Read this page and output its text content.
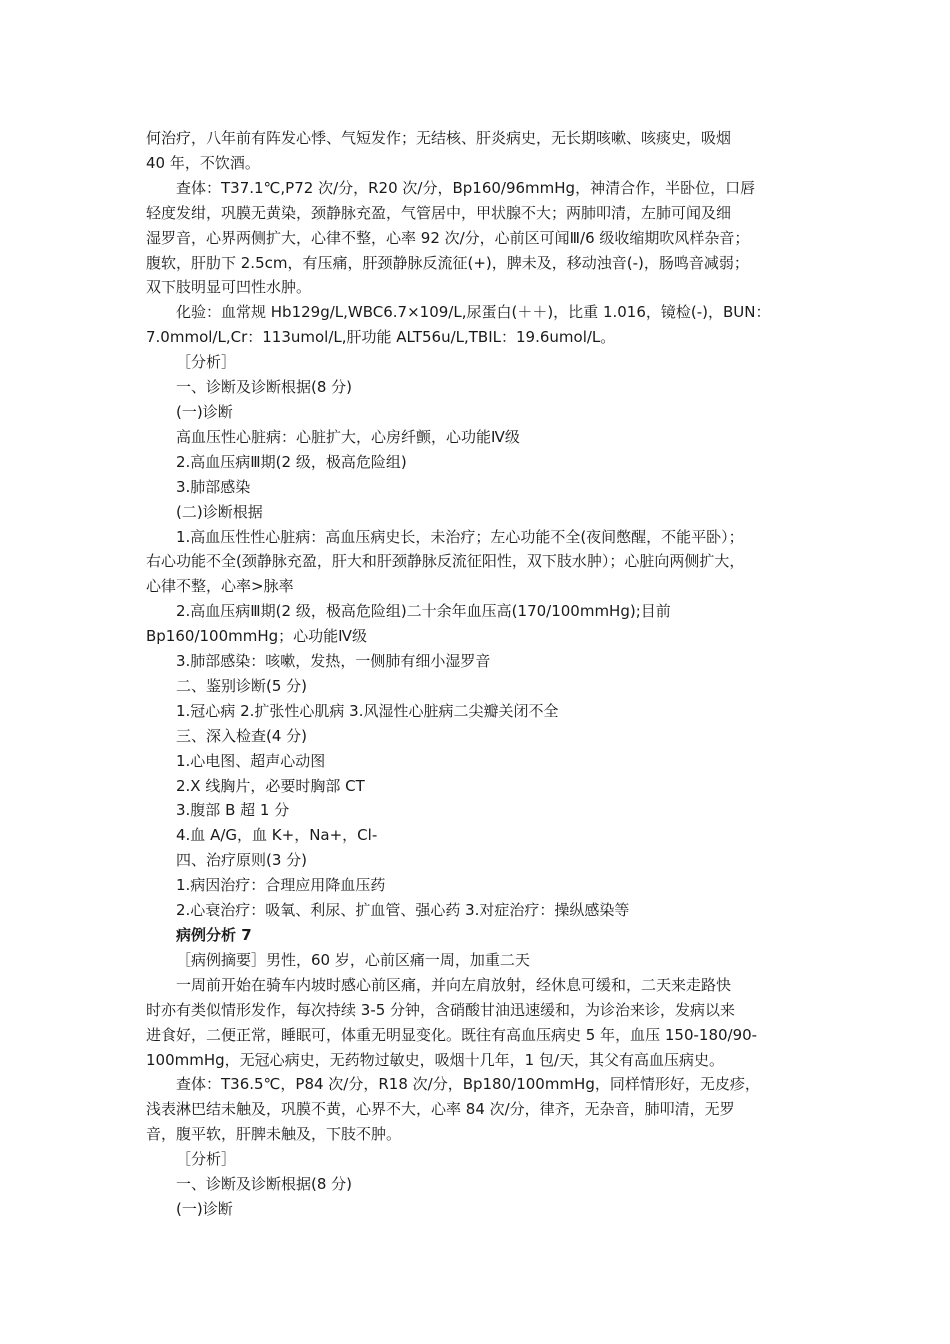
何治疗，八年前有阵发心悸、气短发作；无结核、肝炎病史，无长期咳嗽、咳痰史，吸烟

40 年，不饮酒。

查体：T37.1℃,P72 次/分，R20 次/分，Bp160/96mmHg，神清合作，半卧位，口唇

轻度发绀，巩膜无黄染，颈静脉充盈，气管居中，甲状腺不大；两肺叩清，左肺可闻及细

湿罗音，心界两侧扩大，心律不整，心率 92 次/分，心前区可闻Ⅲ/6 级收缩期吹风样杂音；

腹软，肝肋下 2.5cm，有压痛，肝颈静脉反流征(+)，脾未及，移动浊音(-)，肠鸣音减弱；

双下肢明显可凹性水肿。

化验：血常规 Hb129g/L,WBC6.7×109/L,尿蛋白(＋＋)，比重 1.016，镜检(-)，BUN：

7.0mmol/L,Cr：113umol/L,肝功能 ALT56u/L,TBIL：19.6umol/L。

［分析］

一、诊断及诊断根据(8 分)

(一)诊断

高血压性心脏病：心脏扩大，心房纤颤，心功能Ⅳ级

2.高血压病Ⅲ期(2 级，极高危险组)

3.肺部感染

(二)诊断根据

1.高血压性性心脏病：高血压病史长，未治疗；左心功能不全(夜间憋醒，不能平卧）；

右心功能不全(颈静脉充盈，肝大和肝颈静脉反流征阳性，双下肢水肿）；心脏向两侧扩大，

心律不整，心率>脉率

2.高血压病Ⅲ期(2 级，极高危险组)二十余年血压高(170/100mmHg);目前

Bp160/100mmHg；心功能Ⅳ级

3.肺部感染：咳嗽，发热，一侧肺有细小湿罗音

二、鉴别诊断(5 分)

1.冠心病 2.扩张性心肌病 3.风湿性心脏病二尖瓣关闭不全

三、深入检查(4 分)

1.心电图、超声心动图

2.X 线胸片，必要时胸部 CT

3.腹部 B 超 1 分

4.血 A/G，血 K+，Na+，Cl-

四、治疗原则(3 分)

1.病因治疗：合理应用降血压药

2.心衰治疗：吸氧、利尿、扩血管、强心药 3.对症治疗：操纵感染等

病例分析 7

［病例摘要］男性，60 岁，心前区痛一周，加重二天

一周前开始在骑车内坡时感心前区痛，并向左肩放射，经休息可缓和，二天来走路快

时亦有类似情形发作，每次持续 3-5 分钟，含硝酸甘油迅速缓和，为诊治来诊，发病以来

进食好，二便正常，睡眠可，体重无明显变化。既往有高血压病史 5 年，血压 150-180/90-

100mmHg，无冠心病史，无药物过敏史，吸烟十几年，1 包/天，其父有高血压病史。

查体：T36.5℃，P84 次/分，R18 次/分，Bp180/100mmHg，同样情形好，无皮疹，

浅表淋巴结未触及，巩膜不黄，心界不大，心率 84 次/分，律齐，无杂音，肺叩清，无罗

音，腹平软，肝脾未触及，下肢不肿。

［分析］

一、诊断及诊断根据(8 分)

(一)诊断
